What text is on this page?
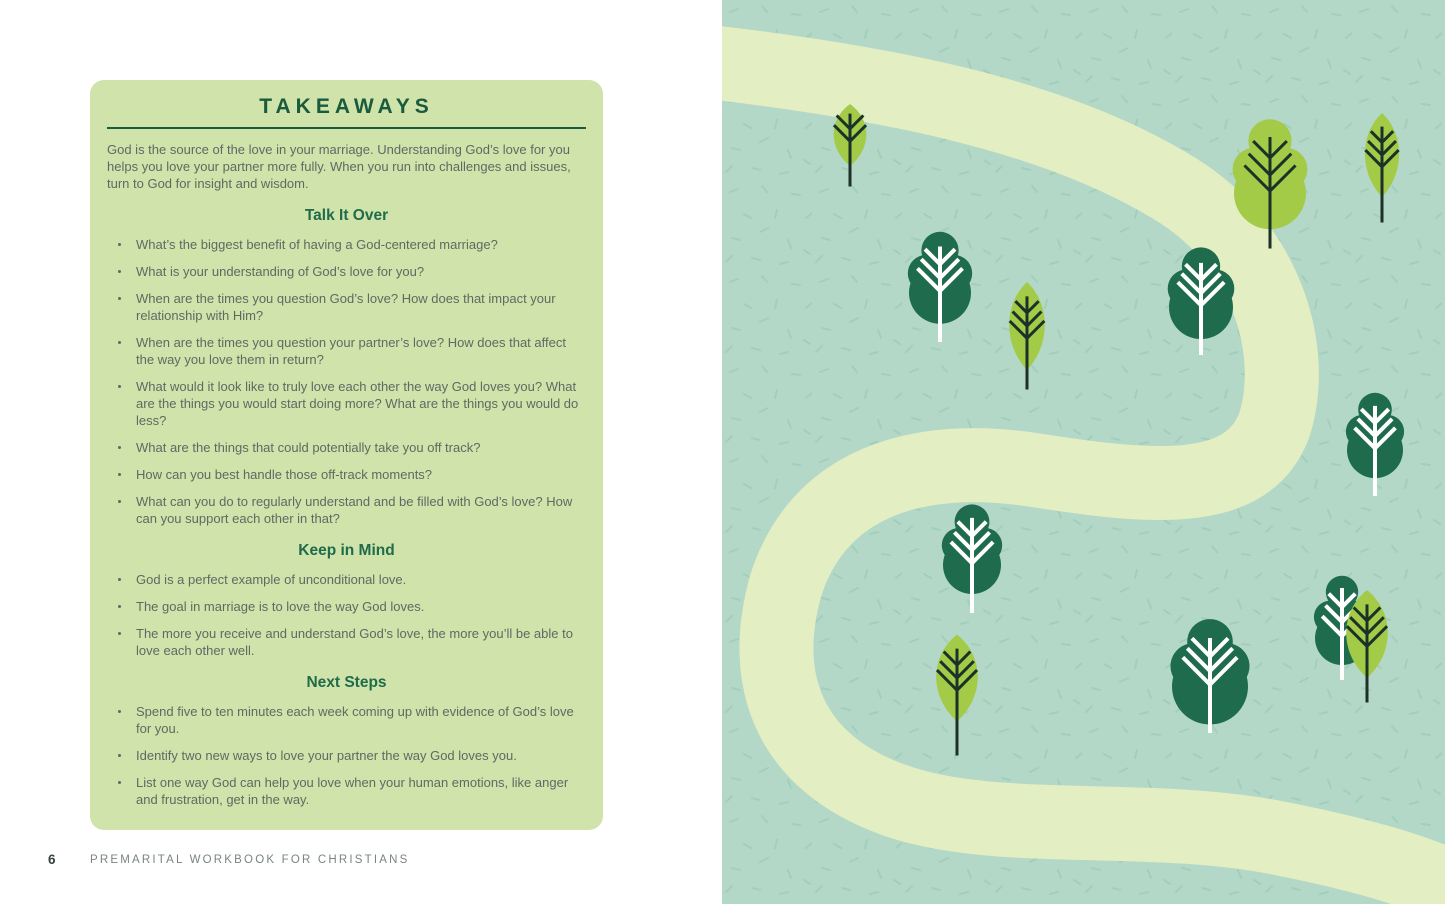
TAKEAWAYS

God is the source of the love in your marriage. Understanding God’s love for you helps you love your partner more fully. When you run into challenges and issues, turn to God for insight and wisdom.

Talk It Over
What’s the biggest benefit of having a God-centered marriage?
What is your understanding of God’s love for you?
When are the times you question God’s love? How does that impact your relationship with Him?
When are the times you question your partner’s love? How does that affect the way you love them in return?
What would it look like to truly love each other the way God loves you? What are the things you would start doing more? What are the things you would do less?
What are the things that could potentially take you off track?
How can you best handle those off-track moments?
What can you do to regularly understand and be filled with God’s love? How can you support each other in that?
Keep in Mind
God is a perfect example of unconditional love.
The goal in marriage is to love the way God loves.
The more you receive and understand God’s love, the more you’ll be able to love each other well.
Next Steps
Spend five to ten minutes each week coming up with evidence of God’s love for you.
Identify two new ways to love your partner the way God loves you.
List one way God can help you love when your human emotions, like anger and frustration, get in the way.
6	PREMARITAL WORKBOOK FOR CHRISTIANS
